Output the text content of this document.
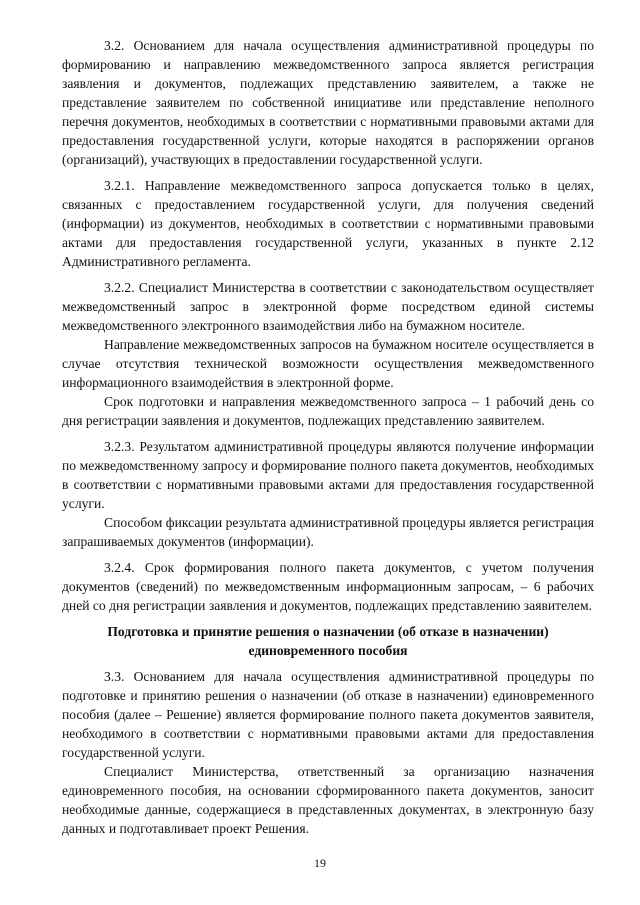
3.2. Основанием для начала осуществления административной процедуры по формированию и направлению межведомственного запроса является регистрация заявления и документов, подлежащих представлению заявителем, а также не представление заявителем по собственной инициативе или представление неполного перечня документов, необходимых в соответствии с нормативными правовыми актами для предоставления государственной услуги, которые находятся в распоряжении органов (организаций), участвующих в предоставлении государственной услуги.

3.2.1. Направление межведомственного запроса допускается только в целях, связанных с предоставлением государственной услуги, для получения сведений (информации) из документов, необходимых в соответствии с нормативными правовыми актами для предоставления государственной услуги, указанных в пункте 2.12 Административного регламента.

3.2.2. Специалист Министерства в соответствии с законодательством осуществляет межведомственный запрос в электронной форме посредством единой системы межведомственного электронного взаимодействия либо на бумажном носителе.

Направление межведомственных запросов на бумажном носителе осуществляется в случае отсутствия технической возможности осуществления межведомственного информационного взаимодействия в электронной форме.

Срок подготовки и направления межведомственного запроса – 1 рабочий день со дня регистрации заявления и документов, подлежащих представлению заявителем.

3.2.3. Результатом административной процедуры являются получение информации по межведомственному запросу и формирование полного пакета документов, необходимых в соответствии с нормативными правовыми актами для предоставления государственной услуги.

Способом фиксации результата административной процедуры является регистрация запрашиваемых документов (информации).

3.2.4. Срок формирования полного пакета документов, с учетом получения документов (сведений) по межведомственным информационным запросам, – 6 рабочих дней со дня регистрации заявления и документов, подлежащих представлению заявителем.

Подготовка и принятие решения о назначении (об отказе в назначении)
единовременного пособия

3.3. Основанием для начала осуществления административной процедуры по подготовке и принятию решения о назначении (об отказе в назначении) единовременного пособия (далее – Решение) является формирование полного пакета документов заявителя, необходимого в соответствии с нормативными правовыми актами для предоставления государственной услуги.

Специалист Министерства, ответственный за организацию назначения единовременного пособия, на основании сформированного пакета документов, заносит необходимые данные, содержащиеся в представленных документах, в электронную базу данных и подготавливает проект Решения.

19
